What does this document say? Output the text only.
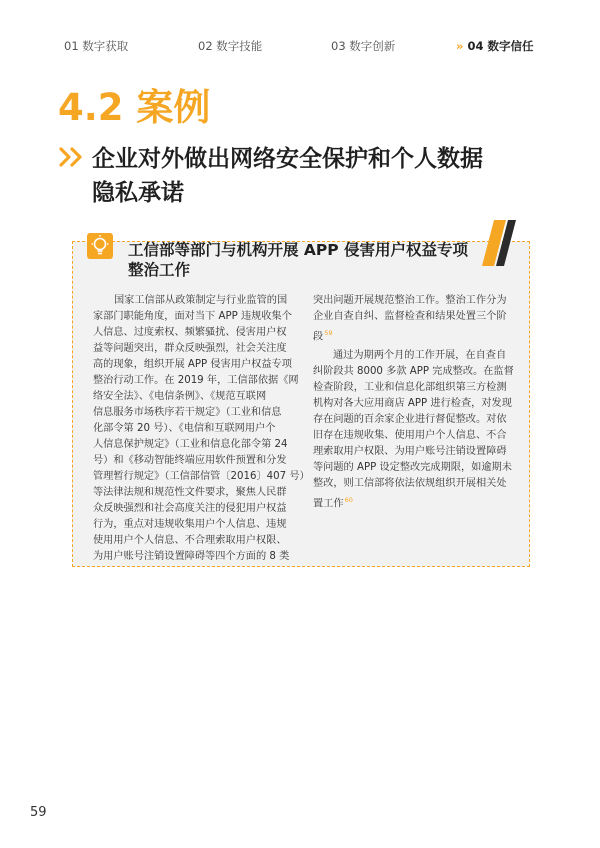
01 数字获取	02 数字技能	03 数字创新	» 04 数字信任
4.2 案例
企业对外做出网络安全保护和个人数据
隐私承诺
工信部等部门与机构开展 APP 侵害用户权益专项
整治工作
国家工信部从政策制定与行业监管的国
家部门职能角度，面对当下 APP 违规收集个
人信息、过度索权、频繁骚扰、侵害用户权
益等问题突出，群众反映强烈，社会关注度
高的现象，组织开展 APP 侵害用户权益专项
整治行动工作。在 2019 年，工信部依据《网
络安全法》、《电信条例》、《规范互联网
信息服务市场秩序若干规定》（工业和信息
化部令第 20 号）、《电信和互联网用户个
人信息保护规定》（工业和信息化部令第 24
号）和《移动智能终端应用软件预置和分发
管理暂行规定》（工信部信管〔2016〕407 号）
等法律法规和规范性文件要求，聚焦人民群
众反映强烈和社会高度关注的侵犯用户权益
行为，重点对违规收集用户个人信息、违规
使用用户个人信息、不合理索取用户权限、
为用户账号注销设置障碍等四个方面的 8 类
突出问题开展规范整治工作。整治工作分为
企业自查自纠、监督检查和结果处置三个阶
段$^{59}$
通过为期两个月的工作开展，在自查自
纠阶段共 8000 多款 APP 完成整改。在监督
检查阶段，工业和信息化部组织第三方检测
机构对各大应用商店 APP 进行检查，对发现
存在问题的百余家企业进行督促整改。对依
旧存在违规收集、使用用户个人信息、不合
理索取用户权限、为用户账号注销设置障碍
等问题的 APP 设定整改完成期限，如逾期未
整改，则工信部将依法依规组织开展相关处
置工作$^{60}$
59
